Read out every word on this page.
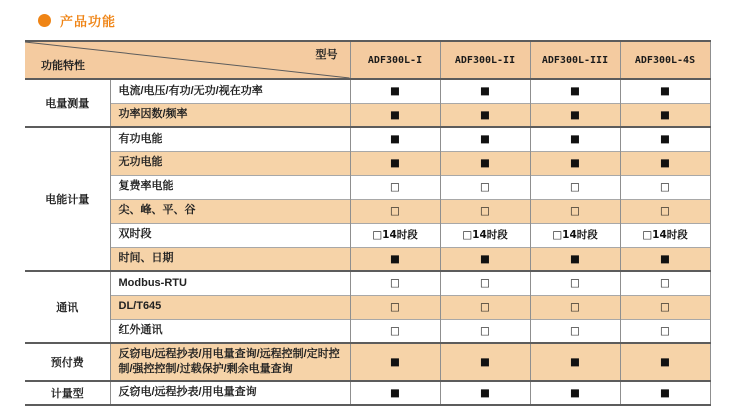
产品功能
型号
功能特性		ADF300L-I	ADF300L-II	ADF300L-III	ADF300L-4S
电量测量	电流/电压/有功/无功/视在功率	■	■	■	■
	功率因数/频率	■	■	■	■
电能计量	有功电能	■	■	■	■
	无功电能	■	■	■	■
	复费率电能	□	□	□	□
	尖、峰、平、谷	□	□	□	□
	双时段	□14时段	□14时段	□14时段	□14时段
	时间、日期	■	■	■	■
通讯	Modbus-RTU	□	□	□	□
	DL/T645	□	□	□	□
	红外通讯	□	□	□	□
预付费	反窃电/远程抄表/用电量查询/远程控制/定时控制/强控控制/过载保护/剩余电量查询	■	■	■	■
计量型	反窃电/远程抄表/用电量查询	■	■	■	■
